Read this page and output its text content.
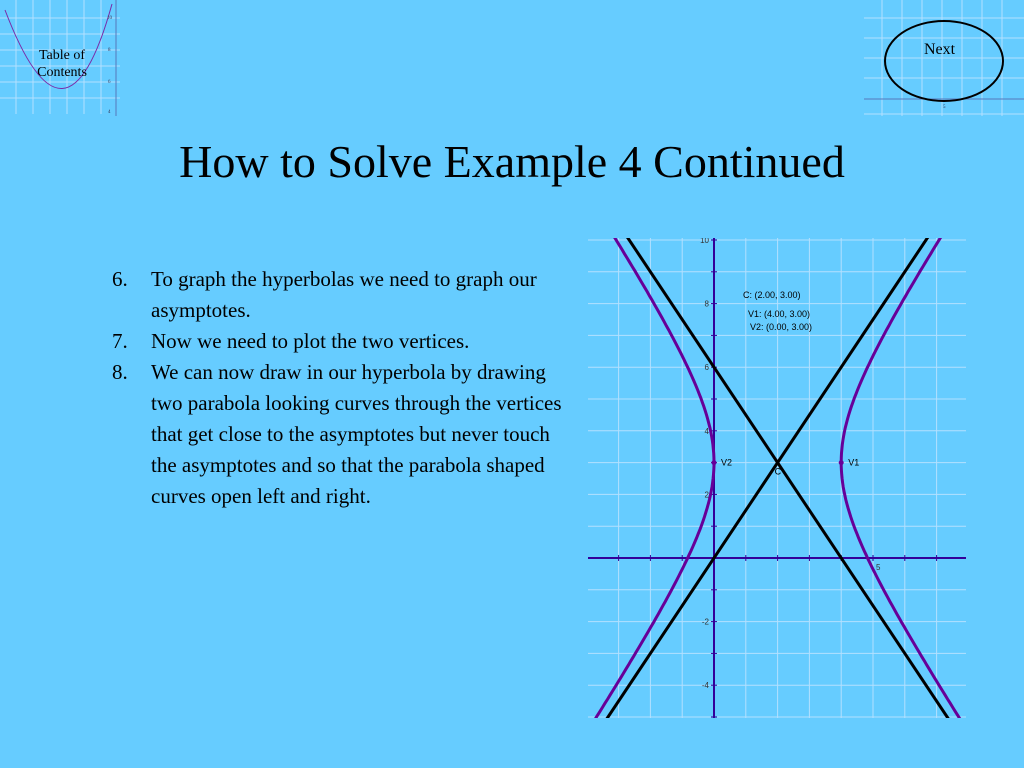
10
8
6
4
Table of Contents
5
Next
How to Solve Example 4 Continued
6. To graph the hyperbolas we need to graph our asymptotes.
7. Now we need to plot the two vertices.
8. We can now draw in our hyperbola by drawing two parabola looking curves through the vertices that get close to the asymptotes but never touch the asymptotes and so that the parabola shaped curves open left and right.
10
8
6
4
2
-2
-4
5
C
V1
V2
C: (2.00, 3.00)
V1: (4.00, 3.00)
V2: (0.00, 3.00)
